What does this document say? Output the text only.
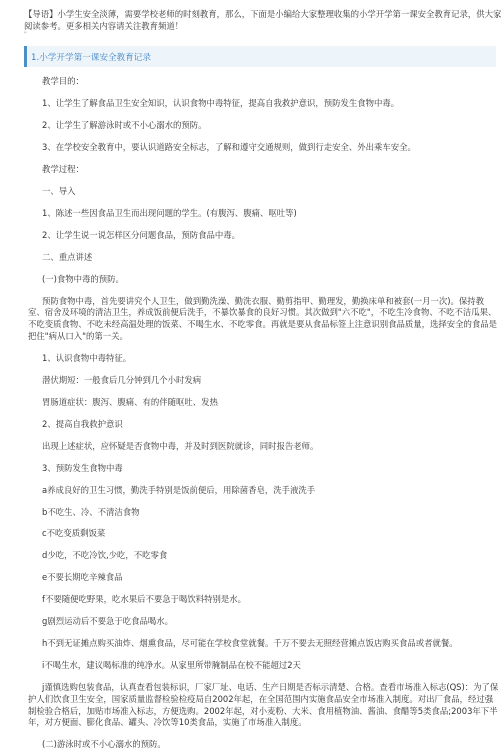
【导语】小学生安全淡薄，需要学校老师的时刻教育，那么，下面是小编给大家整理收集的小学开学第一课安全教育记录，供大家阅读参考。更多相关内容请关注教育频道！

"
1.小学开学第一课安全教育记录

教学目的：

1、让学生了解食品卫生安全知识，认识食物中毒特征，提高自我救护意识，预防发生食物中毒。

2、让学生了解游泳时或不小心溺水的预防。

3、在学校安全教育中，要认识道路安全标志，了解和遵守交通规则，做到行走安全、外出乘车安全。

教学过程：

一、导入

1、陈述一些因食品卫生而出现问题的学生。(有腹泻、腹痛、呕吐等)

2、让学生说一说怎样区分问题食品，预防食品中毒。

二、重点讲述

(一)食物中毒的预防。

预防食物中毒，首先要讲究个人卫生，做到勤洗澡、勤洗衣服、勤剪指甲、勤理发，勤换床单和被套(一月一次)。保持教室、宿舍及环境的清洁卫生，养成饭前便后洗手，不暴饮暴食的良好习惯。其次做到"六不吃"，不吃生冷食物、不吃不洁瓜果、不吃变质食物、不吃未经高温处理的饭菜、不喝生水、不吃零食。再就是要从食品标签上注意识别食品质量，选择安全的食品是把住"病从口入"的第一关。

1、认识食物中毒特征。

潜伏期短：一般食后几分钟到几个小时发病

胃肠道症状：腹泻、腹痛、有的伴随呕吐、发热

2、提高自我救护意识

出现上述症状，应怀疑是否食物中毒，并及时到医院就诊，同时报告老师。

3、预防发生食物中毒

a养成良好的卫生习惯，勤洗手特别是饭前便后，用除菌香皂，洗手液洗手

b不吃生、冷、不清洁食物

c不吃变质剩饭菜

d少吃，不吃冷饮,少吃，不吃零食

e不要长期吃辛辣食品

f不要随便吃野果，吃水果后不要急于喝饮料特别是水。

g剧烈运动后不要急于吃食品喝水。

h不到无证摊点购买油炸、烟熏食品，尽可能在学校食堂就餐。千万不要去无照经营摊点饭店购买食品或者就餐。

i不喝生水，建议喝标准的纯净水。从家里所带腌制品在校不能超过2天

j谨慎选购包装食品，认真查看包装标识，厂家厂址、电话、生产日期是否标示清楚、合格。查看市场准入标志(QS)：为了保护人们饮食卫生安全，国家质量监督检验检疫局自2002年起，在全国范围内实施食品安全市场准入制度。对出厂食品，经过强制检验合格后，加贴市场准入标志，方便选购。2002年起，对小麦粉、大米、食用植物油、酱油、食醋等5类食品;2003年下半年，对方便面、膨化食品、罐头、冷饮等10类食品，实施了市场准入制度。

(二)游泳时或不小心溺水的预防。
